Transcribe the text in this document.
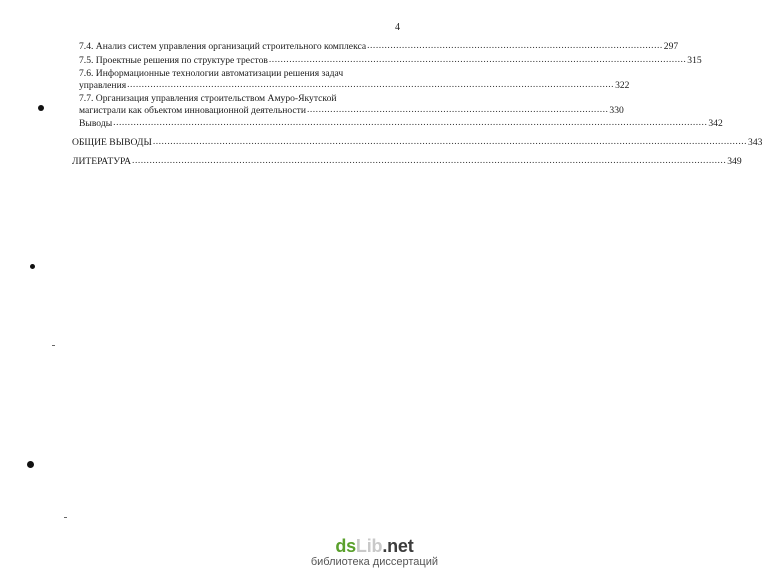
4
7.4. Анализ систем управления организаций строительного комплекса ...................................................................................................... 297
7.5. Проектные решения по структуре трестов ................................................................................................................................................ 315
7.6. Информационные технологии автоматизации решения задач
управления ........................................................................................................................................................................ 322
7.7. Организация управления строительством Амуро-Якутской
магистрали как объектом инновационной деятельности ........................................................................................................ 330
Выводы ............................................................................................................................................................................................................. 342
ОБЩИЕ ВЫВОДЫ ............................................................................................................................................................................................................. 343
ЛИТЕРАТУРА ............................................................................................................................................................................................................. 349
dsLib.net
библиотека диссертаций
